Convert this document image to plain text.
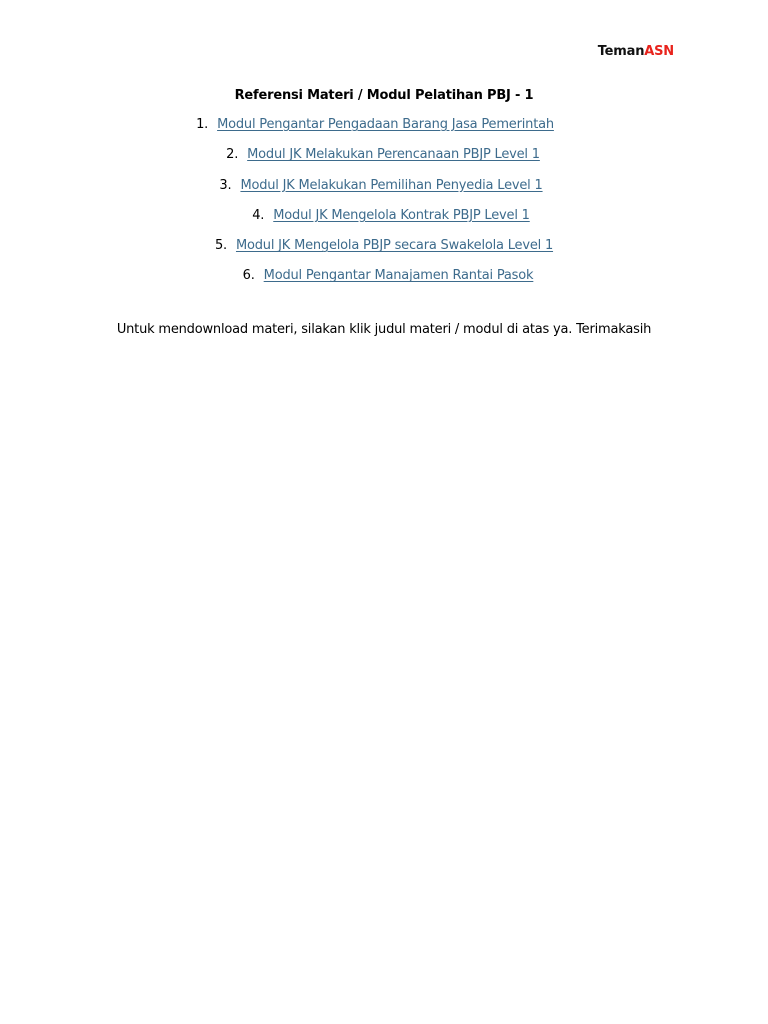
TemanASN
Referensi Materi / Modul Pelatihan PBJ - 1
1. Modul Pengantar Pengadaan Barang Jasa Pemerintah
2. Modul JK Melakukan Perencanaan PBJP Level 1
3. Modul JK Melakukan Pemilihan Penyedia Level 1
4. Modul JK Mengelola Kontrak PBJP Level 1
5. Modul JK Mengelola PBJP secara Swakelola Level 1
6. Modul Pengantar Manajamen Rantai Pasok
Untuk mendownload materi, silakan klik judul materi / modul di atas ya. Terimakasih
